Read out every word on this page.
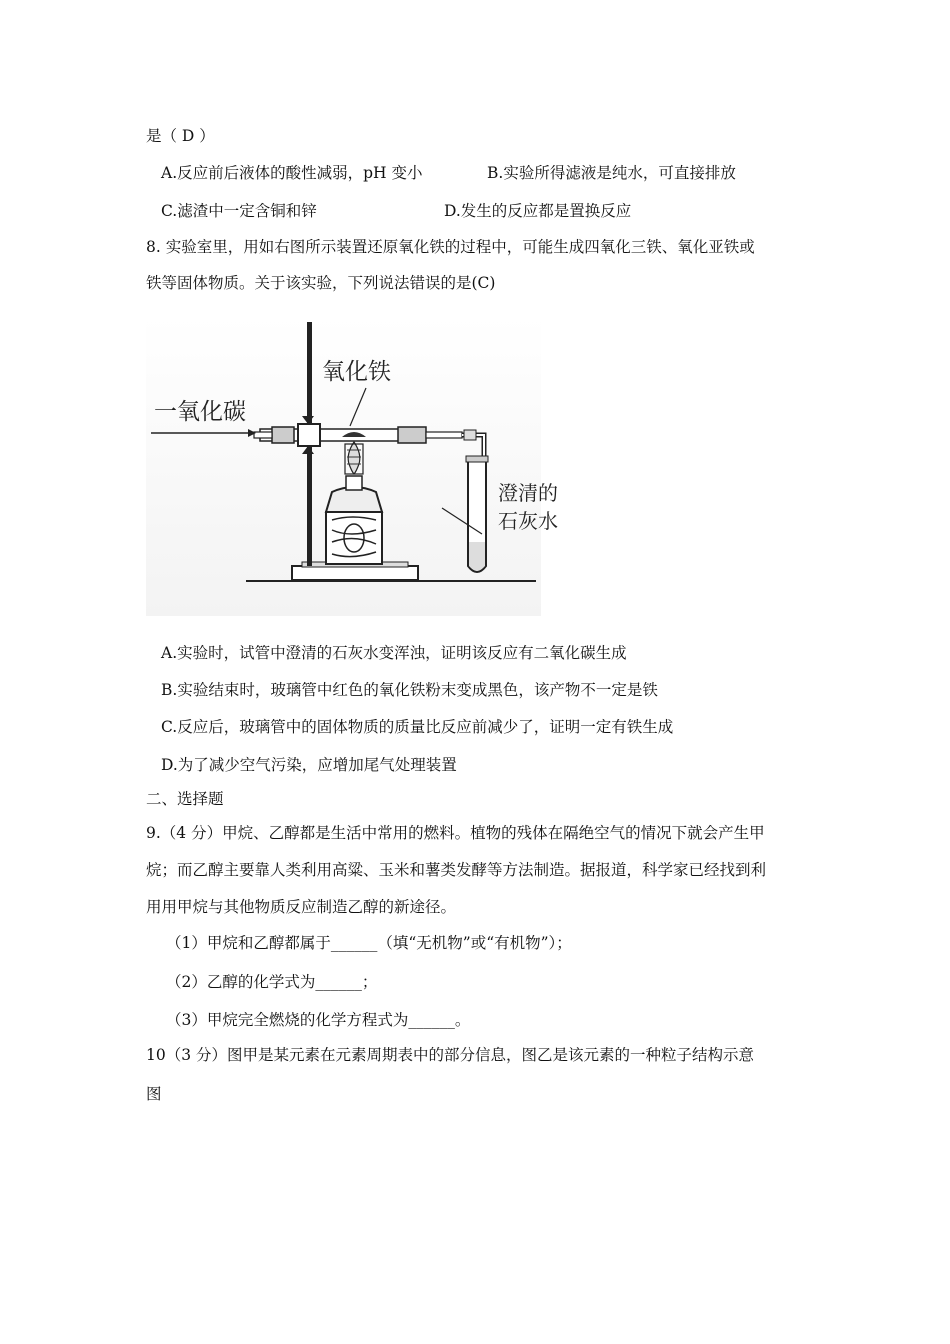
是（ D ）
A.反应前后液体的酸性减弱，pH 变小	B.实验所得滤液是纯水，可直接排放
C.滤渣中一定含铜和锌	D.发生的反应都是置换反应
8. 实验室里，用如右图所示装置还原氧化铁的过程中，可能生成四氧化三铁、氧化亚铁或
铁等固体物质。关于该实验，下列说法错误的是(C)
一氧化碳
氧化铁
澄清的
石灰水
A.实验时，试管中澄清的石灰水变浑浊，证明该反应有二氧化碳生成
B.实验结束时，玻璃管中红色的氧化铁粉末变成黑色，该产物不一定是铁
C.反应后，玻璃管中的固体物质的质量比反应前减少了，证明一定有铁生成
D.为了减少空气污染，应增加尾气处理装置
二、选择题
9.（4 分）甲烷、乙醇都是生活中常用的燃料。植物的残体在隔绝空气的情况下就会产生甲
烷；而乙醇主要靠人类利用高粱、玉米和薯类发酵等方法制造。据报道，科学家已经找到利
用用甲烷与其他物质反应制造乙醇的新途径。
（1）甲烷和乙醇都属于______（填“无机物”或“有机物”）；
（2）乙醇的化学式为______；
（3）甲烷完全燃烧的化学方程式为______。
10（3 分）图甲是某元素在元素周期表中的部分信息，图乙是该元素的一种粒子结构示意
图
